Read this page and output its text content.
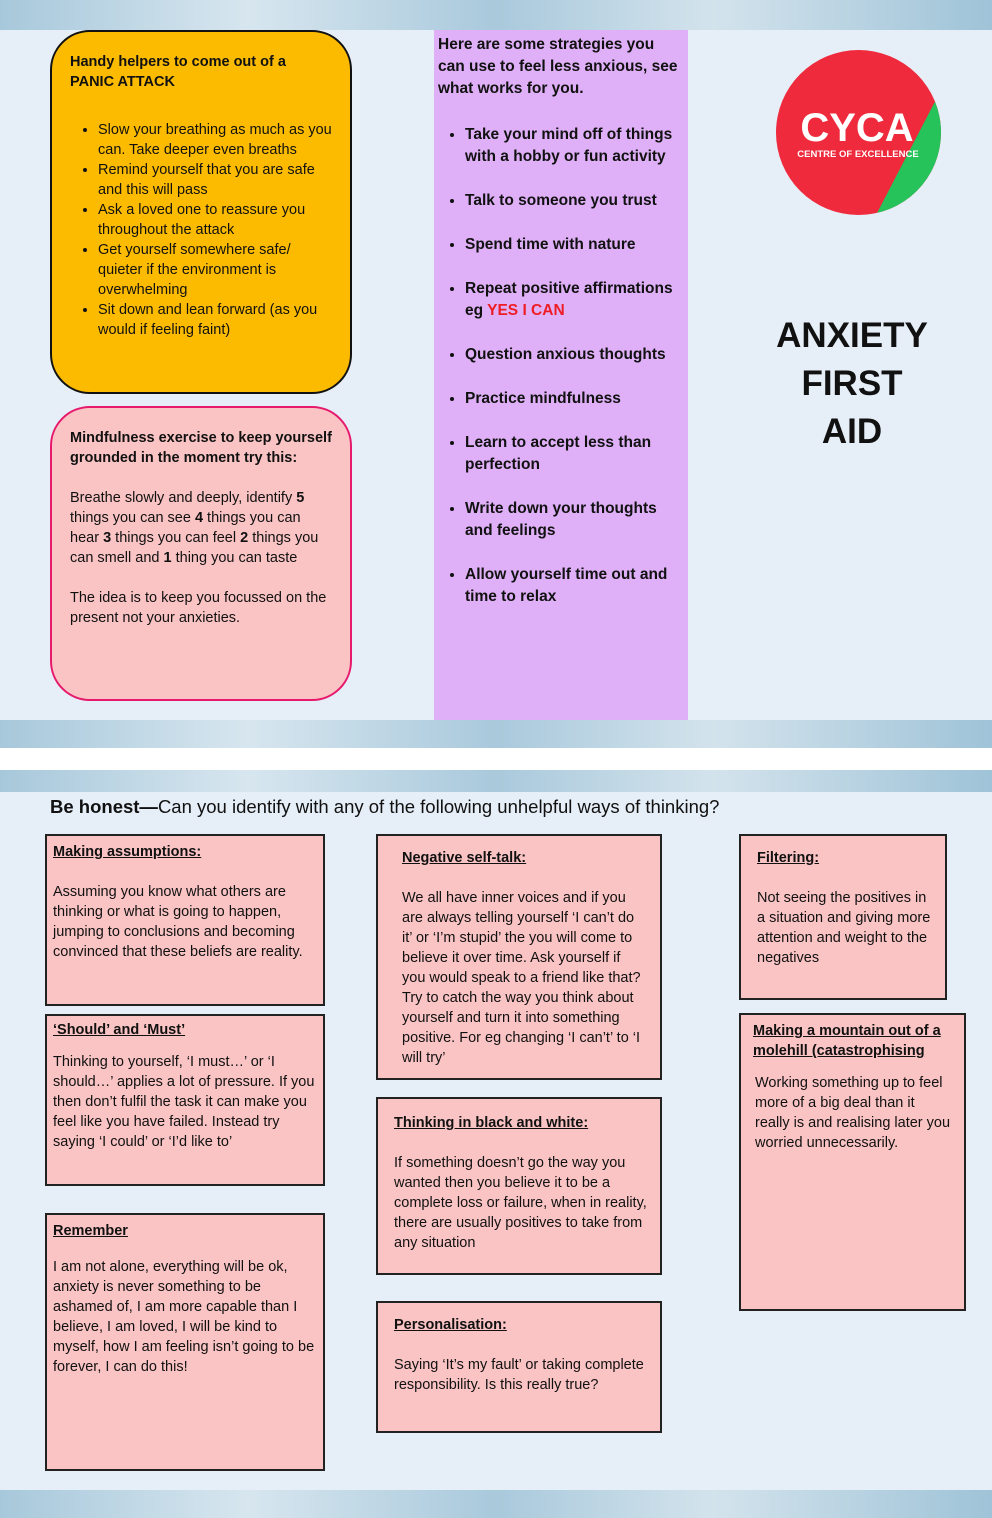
Handy helpers to come out of a
PANIC ATTACK
• Slow your breathing as much as you can. Take deeper even breaths
• Remind yourself that you are safe and this will pass
• Ask a loved one to reassure you throughout the attack
• Get yourself somewhere safe/ quieter if the environment is overwhelming
• Sit down and lean forward (as you would if feeling faint)
Mindfulness exercise to keep yourself grounded in the moment try this:

Breathe slowly and deeply, identify 5 things you can see 4 things you can hear 3 things you can feel 2 things you can smell and 1 thing you can taste

The idea is to keep you focussed on the present not your anxieties.

Here are some strategies you can use to feel less anxious, see what works for you.
• Take your mind off of things with a hobby or fun activity
• Talk to someone you trust
• Spend time with nature
• Repeat positive affirmations eg YES I CAN
• Question anxious thoughts
• Practice mindfulness
• Learn to accept less than perfection
• Write down your thoughts and feelings
• Allow yourself time out and time to relax
CYCA
CENTRE OF EXCELLENCE
ANXIETY
FIRST
AID
Be honest—Can you identify with any of the following unhelpful ways of thinking?
Making assumptions:

Assuming you know what others are thinking or what is going to happen, jumping to conclusions and becoming convinced that these beliefs are reality.

‘Should’ and ‘Must’

Thinking to yourself, ‘I must…’ or ‘I should…’ applies a lot of pressure. If you then don’t fulfil the task it can make you feel like you have failed. Instead try saying ‘I could’ or ‘I’d like to’

Remember

I am not alone, everything will be ok, anxiety is never something to be ashamed of, I am more capable than I believe, I am loved, I will be kind to myself, how I am feeling isn’t going to be forever, I can do this!

Negative self-talk:

We all have inner voices and if you are always telling yourself ‘I can’t do it’ or ‘I’m stupid’ the you will come to believe it over time. Ask yourself if you would speak to a friend like that? Try to catch the way you think about yourself and turn it into something positive. For eg changing ‘I can’t’ to ‘I will try’

Thinking in black and white:

If something doesn’t go the way you wanted then you believe it to be a complete loss or failure, when in reality, there are usually positives to take from any situation

Personalisation:

Saying ‘It’s my fault’ or taking complete responsibility. Is this really true?

Filtering:

Not seeing the positives in a situation and giving more attention and weight to the negatives

Making a mountain out of a molehill (catastrophising

Working something up to feel more of a big deal than it really is and realising later you worried unnecessarily.
